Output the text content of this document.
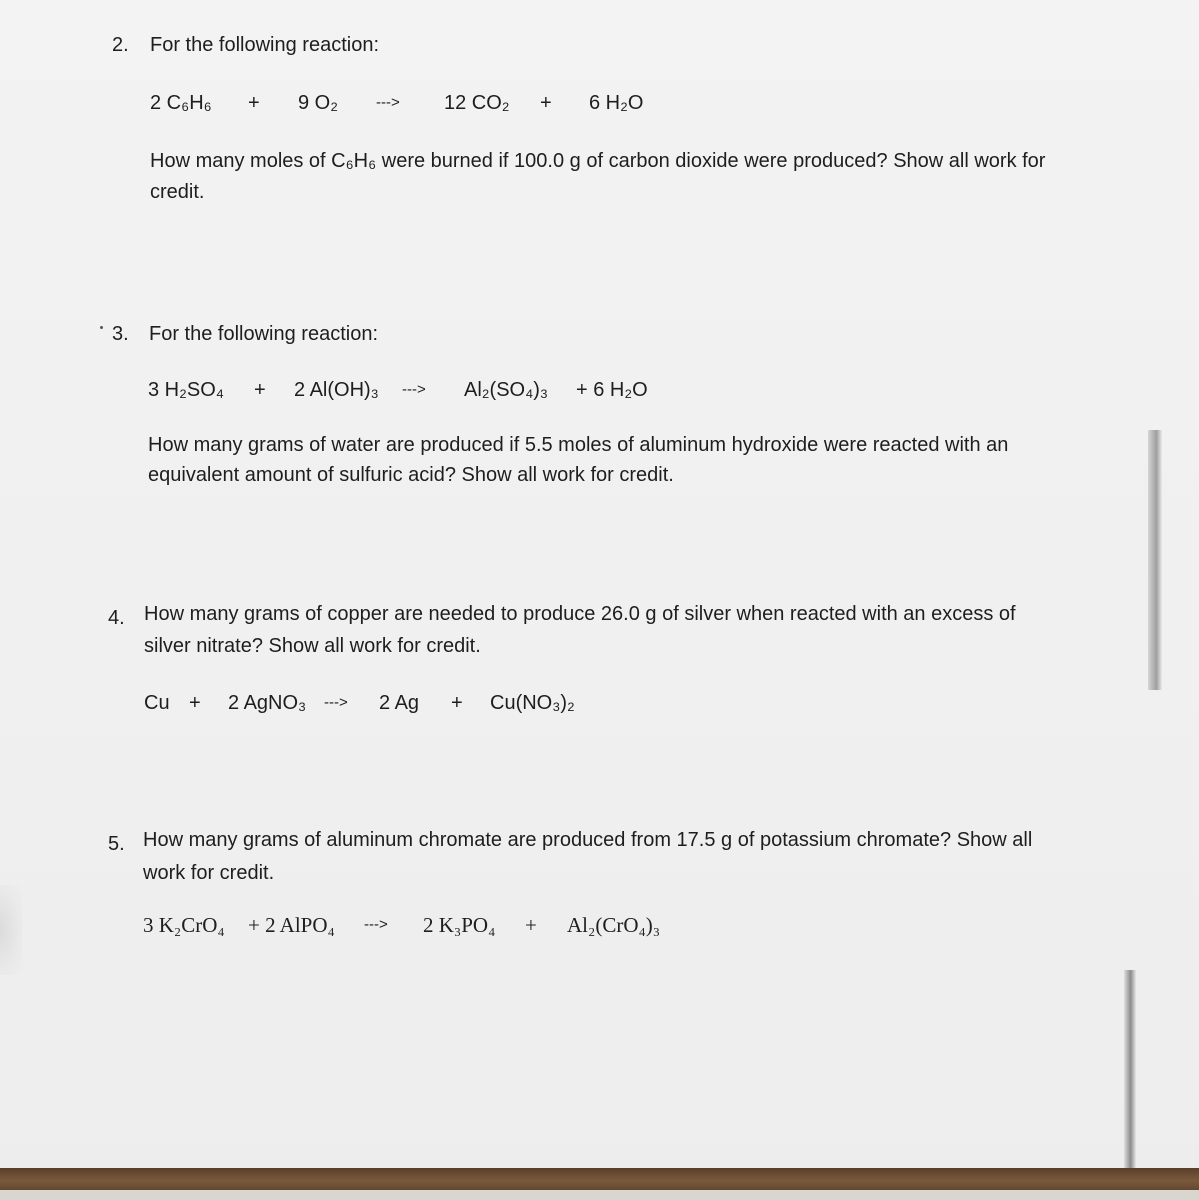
2. For the following reaction:
2 C₆H₆ + 9 O₂	---> 12 CO₂ + 6 H₂O
How many moles of C₆H₆ were burned if 100.0 g of carbon dioxide were produced? Show all work for
credit.
3. For the following reaction:
3 H₂SO₄ + 2 Al(OH)₃ ---> Al₂(SO₄)₃ + 6 H₂O
How many grams of water are produced if 5.5 moles of aluminum hydroxide were reacted with an
equivalent amount of sulfuric acid? Show all work for credit.
4. How many grams of copper are needed to produce 26.0 g of silver when reacted with an excess of
silver nitrate? Show all work for credit.
Cu + 2 AgNO₃ ---> 2 Ag + Cu(NO₃)₂
5. How many grams of aluminum chromate are produced from 17.5 g of potassium chromate? Show all
work for credit.
3 K₂CrO₄ + 2 AlPO₄ ---> 2 K₃PO₄ + Al₂(CrO₄)₃
